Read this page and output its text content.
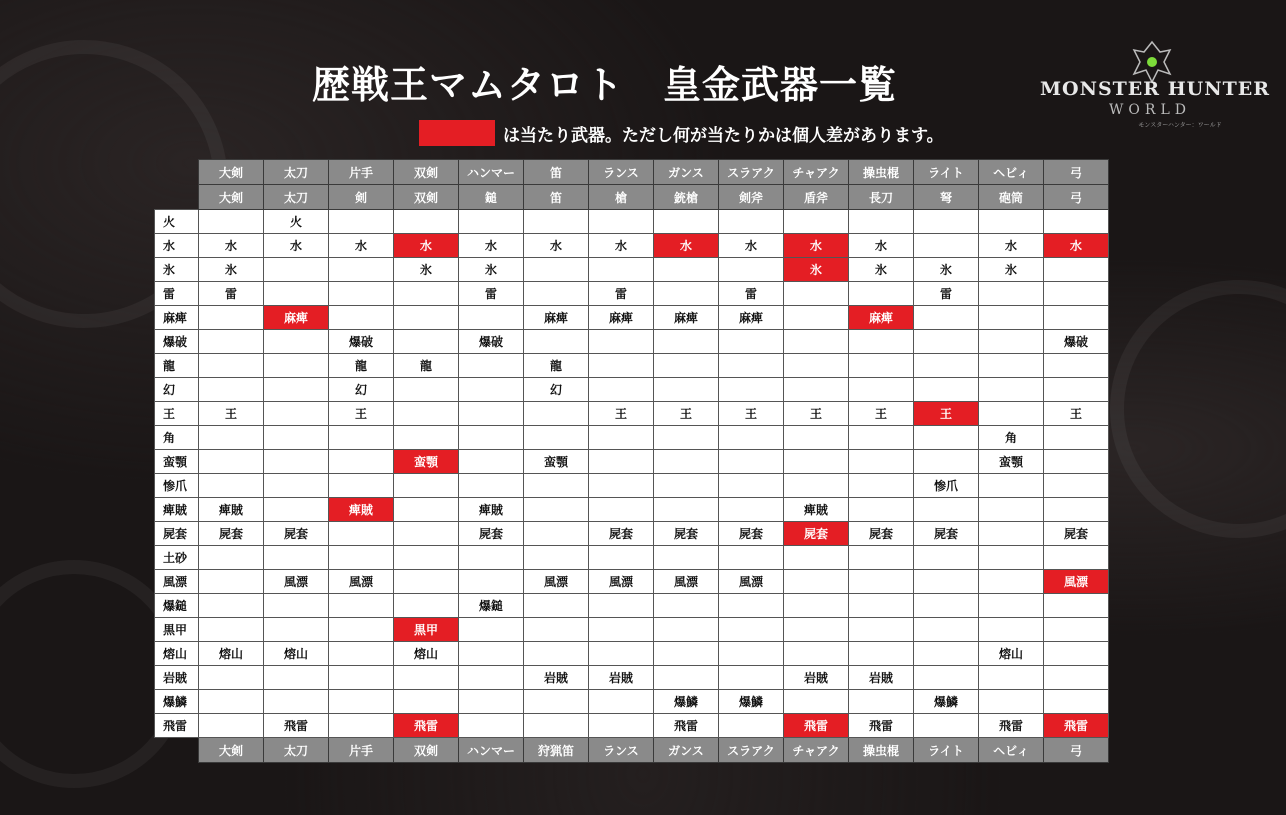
歴戦王マムタロト　皇金武器一覧
は当たり武器。ただし何が当たりかは個人差があります。
MONSTER HUNTER
WORLD
モンスターハンター：ワールド
	大剣	太刀	片手	双剣	ハンマー	笛	ランス	ガンス	スラアク	チャアク	操虫棍	ライト	ヘビィ	弓
	大剣	太刀	剣	双剣	鎚	笛	槍	銃槍	剣斧	盾斧	長刀	弩	砲筒	弓
火		火												
水	水	水	水	水	水	水	水	水	水	水	水		水	水
氷	氷			氷	氷					氷	氷	氷	氷	
雷	雷				雷		雷		雷			雷		
麻痺		麻痺				麻痺	麻痺	麻痺	麻痺		麻痺			
爆破			爆破		爆破									爆破
龍			龍	龍		龍								
幻			幻			幻								
王	王		王				王	王	王	王	王	王		王
角													角	
蛮顎				蛮顎		蛮顎							蛮顎	
惨爪												惨爪		
痺賊	痺賊		痺賊		痺賊					痺賊				
屍套	屍套	屍套			屍套		屍套	屍套	屍套	屍套	屍套	屍套		屍套
土砂														
風漂		風漂	風漂			風漂	風漂	風漂	風漂					風漂
爆鎚					爆鎚									
黒甲				黒甲										
熔山	熔山	熔山		熔山									熔山	
岩賊						岩賊	岩賊			岩賊	岩賊			
爆鱗								爆鱗	爆鱗			爆鱗		
飛雷		飛雷		飛雷				飛雷		飛雷	飛雷		飛雷	飛雷
	大剣	太刀	片手	双剣	ハンマー	狩猟笛	ランス	ガンス	スラアク	チャアク	操虫棍	ライト	ヘビィ	弓
